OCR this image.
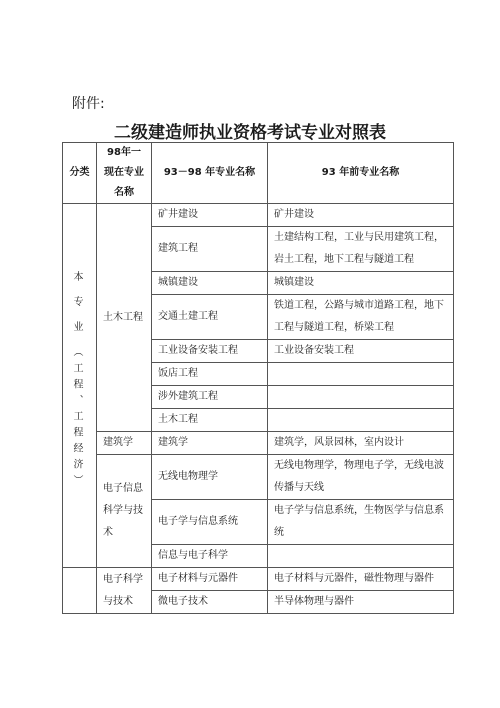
附件:
二级建造师执业资格考试专业对照表
分类	98年一现在专业名称	93－98 年专业名称	93 年前专业名称
本 专 业 （工程、工程经济）	土木工程	矿井建设	矿井建设
		建筑工程	土建结构工程，工业与民用建筑工程，岩土工程，地下工程与隧道工程
		城镇建设	城镇建设
		交通土建工程	铁道工程，公路与城市道路工程，地下工程与隧道工程，桥梁工程
		工业设备安装工程	工业设备安装工程
		饭店工程	
		涉外建筑工程	
		土木工程	
	建筑学	建筑学	建筑学，风景园林，室内设计
	电子信息科学与技术	无线电物理学	无线电物理学，物理电子学，无线电波传播与天线
		电子学与信息系统	电子学与信息系统，生物医学与信息系统
		信息与电子科学	
	电子科学与技术	电子材料与元器件	电子材料与元器件，磁性物理与器件
		微电子技术	半导体物理与器件
